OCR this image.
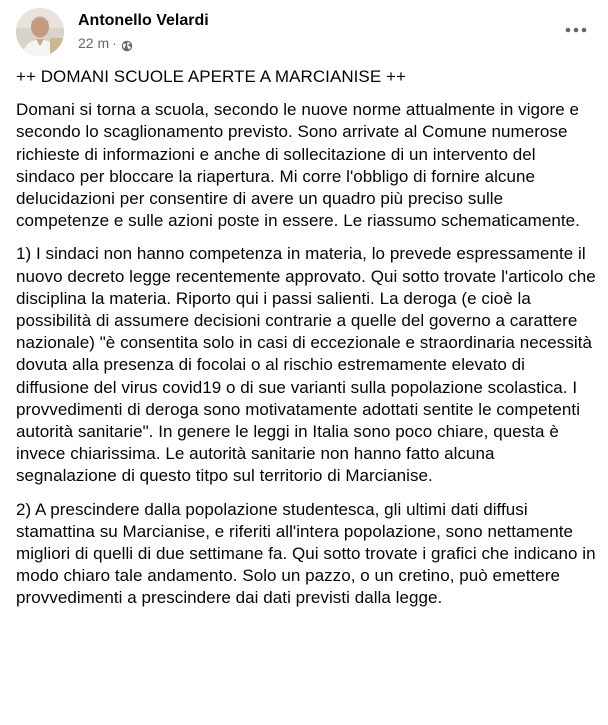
Antonello Velardi
22 m ·

++ DOMANI SCUOLE APERTE A MARCIANISE ++

Domani si torna a scuola, secondo le nuove norme attualmente in vigore e secondo lo scaglionamento previsto. Sono arrivate al Comune numerose richieste di informazioni e anche di sollecitazione di un intervento del sindaco per bloccare la riapertura. Mi corre l'obbligo di fornire alcune delucidazioni per consentire di avere un quadro più preciso sulle competenze e sulle azioni poste in essere. Le riassumo schematicamente.

1) I sindaci non hanno competenza in materia, lo prevede espressamente il nuovo decreto legge recentemente approvato. Qui sotto trovate l'articolo che disciplina la materia. Riporto qui i passi salienti. La deroga (e cioè la possibilità di assumere decisioni contrarie a quelle del governo a carattere nazionale) "è consentita solo in casi di eccezionale e straordinaria necessità dovuta alla presenza di focolai o al rischio estremamente elevato di diffusione del virus covid19 o di sue varianti sulla popolazione scolastica. I provvedimenti di deroga sono motivatamente adottati sentite le competenti autorità sanitarie". In genere le leggi in Italia sono poco chiare, questa è invece chiarissima. Le autorità sanitarie non hanno fatto alcuna segnalazione di questo titpo sul territorio di Marcianise.

2) A prescindere dalla popolazione studentesca, gli ultimi dati diffusi stamattina su Marcianise, e riferiti all'intera popolazione, sono nettamente migliori di quelli di due settimane fa. Qui sotto trovate i grafici che indicano in modo chiaro tale andamento. Solo un pazzo, o un cretino, può emettere provvedimenti a prescindere dai dati previsti dalla legge.
